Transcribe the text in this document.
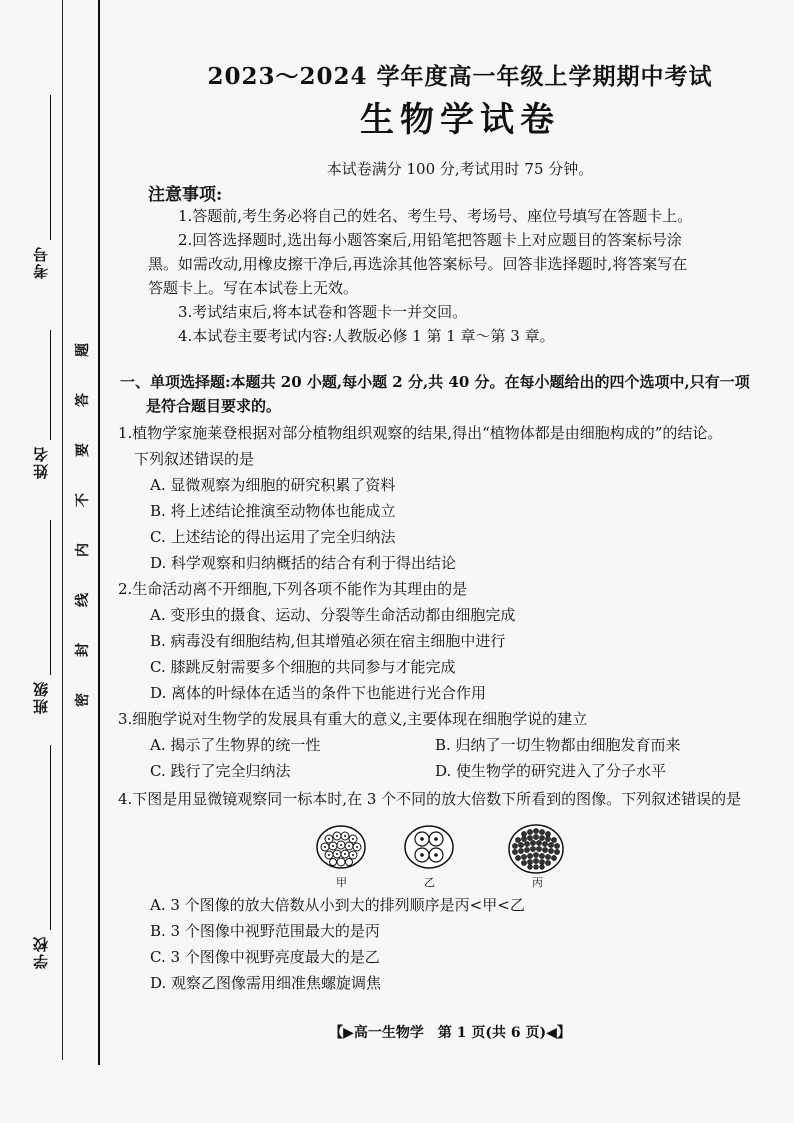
考号
姓名
班级
学校
密
封
线
内
不
要
答
题
2023～2024 学年度高一年级上学期期中考试
生物学试卷
本试卷满分 100 分,考试用时 75 分钟。
注意事项:

1.答题前,考生务必将自己的姓名、考生号、考场号、座位号填写在答题卡上。

2.回答选择题时,选出每小题答案后,用铅笔把答题卡上对应题目的答案标号涂

黑。如需改动,用橡皮擦干净后,再选涂其他答案标号。回答非选择题时,将答案写在

答题卡上。写在本试卷上无效。

3.考试结束后,将本试卷和答题卡一并交回。

4.本试卷主要考试内容:人教版必修 1 第 1 章～第 3 章。

一、单项选择题:本题共 20 小题,每小题 2 分,共 40 分。在每小题给出的四个选项中,只有一项
是符合题目要求的。

1.植物学家施莱登根据对部分植物组织观察的结果,得出“植物体都是由细胞构成的”的结论。

下列叙述错误的是

A. 显微观察为细胞的研究积累了资料

B. 将上述结论推演至动物体也能成立

C. 上述结论的得出运用了完全归纳法

D. 科学观察和归纳概括的结合有利于得出结论

2.生命活动离不开细胞,下列各项不能作为其理由的是

A. 变形虫的摄食、运动、分裂等生命活动都由细胞完成

B. 病毒没有细胞结构,但其增殖必须在宿主细胞中进行

C. 膝跳反射需要多个细胞的共同参与才能完成

D. 离体的叶绿体在适当的条件下也能进行光合作用

3.细胞学说对生物学的发展具有重大的意义,主要体现在细胞学说的建立

A. 揭示了生物界的统一性	B. 归纳了一切生物都由细胞发育而来
C. 践行了完全归纳法	D. 使生物学的研究进入了分子水平

4.下图是用显微镜观察同一标本时,在 3 个不同的放大倍数下所看到的图像。下列叙述错误的是

甲	乙	丙

A. 3 个图像的放大倍数从小到大的排列顺序是丙<甲<乙

B. 3 个图像中视野范围最大的是丙

C. 3 个图像中视野亮度最大的是乙

D. 观察乙图像需用细准焦螺旋调焦

【▶高一生物学　第 1 页(共 6 页)◀】
